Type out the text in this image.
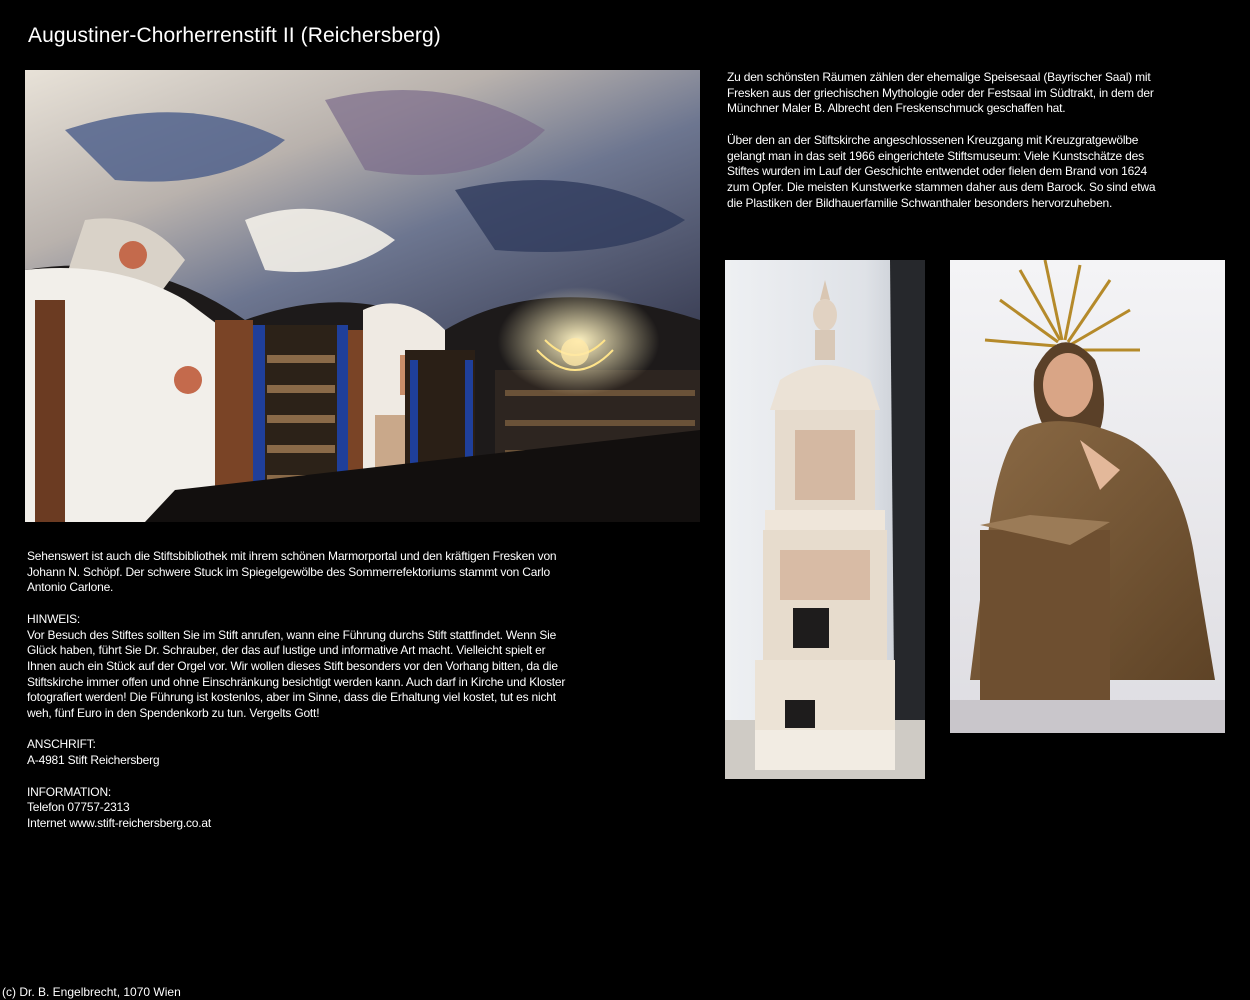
Augustiner-Chorherrenstift II (Reichersberg)

Zu den schönsten Räumen zählen der ehemalige Speisesaal (Bayrischer Saal) mit Fresken aus der griechischen Mythologie oder der Festsaal im Südtrakt, in dem der Münchner Maler B. Albrecht den Freskenschmuck geschaffen hat.

Über den an der Stiftskirche angeschlossenen Kreuzgang mit Kreuzgratgewölbe gelangt man in das seit 1966 eingerichtete Stiftsmuseum: Viele Kunstschätze des Stiftes wurden im Lauf der Geschichte entwendet oder fielen dem Brand von 1624 zum Opfer. Die meisten Kunstwerke stammen daher aus dem Barock. So sind etwa die Plastiken der Bildhauerfamilie Schwanthaler besonders hervorzuheben.

Sehenswert ist auch die Stiftsbibliothek mit ihrem schönen Marmorportal und den kräftigen Fresken von Johann N. Schöpf. Der schwere Stuck im Spiegelgewölbe des Sommerrefektoriums stammt von Carlo Antonio Carlone.

HINWEIS:

Vor Besuch des Stiftes sollten Sie im Stift anrufen, wann eine Führung durchs Stift stattfindet. Wenn Sie Glück haben, führt Sie Dr. Schrauber, der das auf lustige und informative Art macht. Vielleicht spielt er Ihnen auch ein Stück auf der Orgel vor. Wir wollen dieses Stift besonders vor den Vorhang bitten, da die Stiftskirche immer offen und ohne Einschränkung besichtigt werden kann. Auch darf in Kirche und Kloster fotografiert werden! Die Führung ist kostenlos, aber im Sinne, dass die Erhaltung viel kostet, tut es nicht weh, fünf Euro in den Spendenkorb zu tun. Vergelts Gott!

ANSCHRIFT:

A-4981 Stift Reichersberg

INFORMATION:

Telefon 07757-2313

Internet www.stift-reichersberg.co.at

(c) Dr. B. Engelbrecht, 1070 Wien
